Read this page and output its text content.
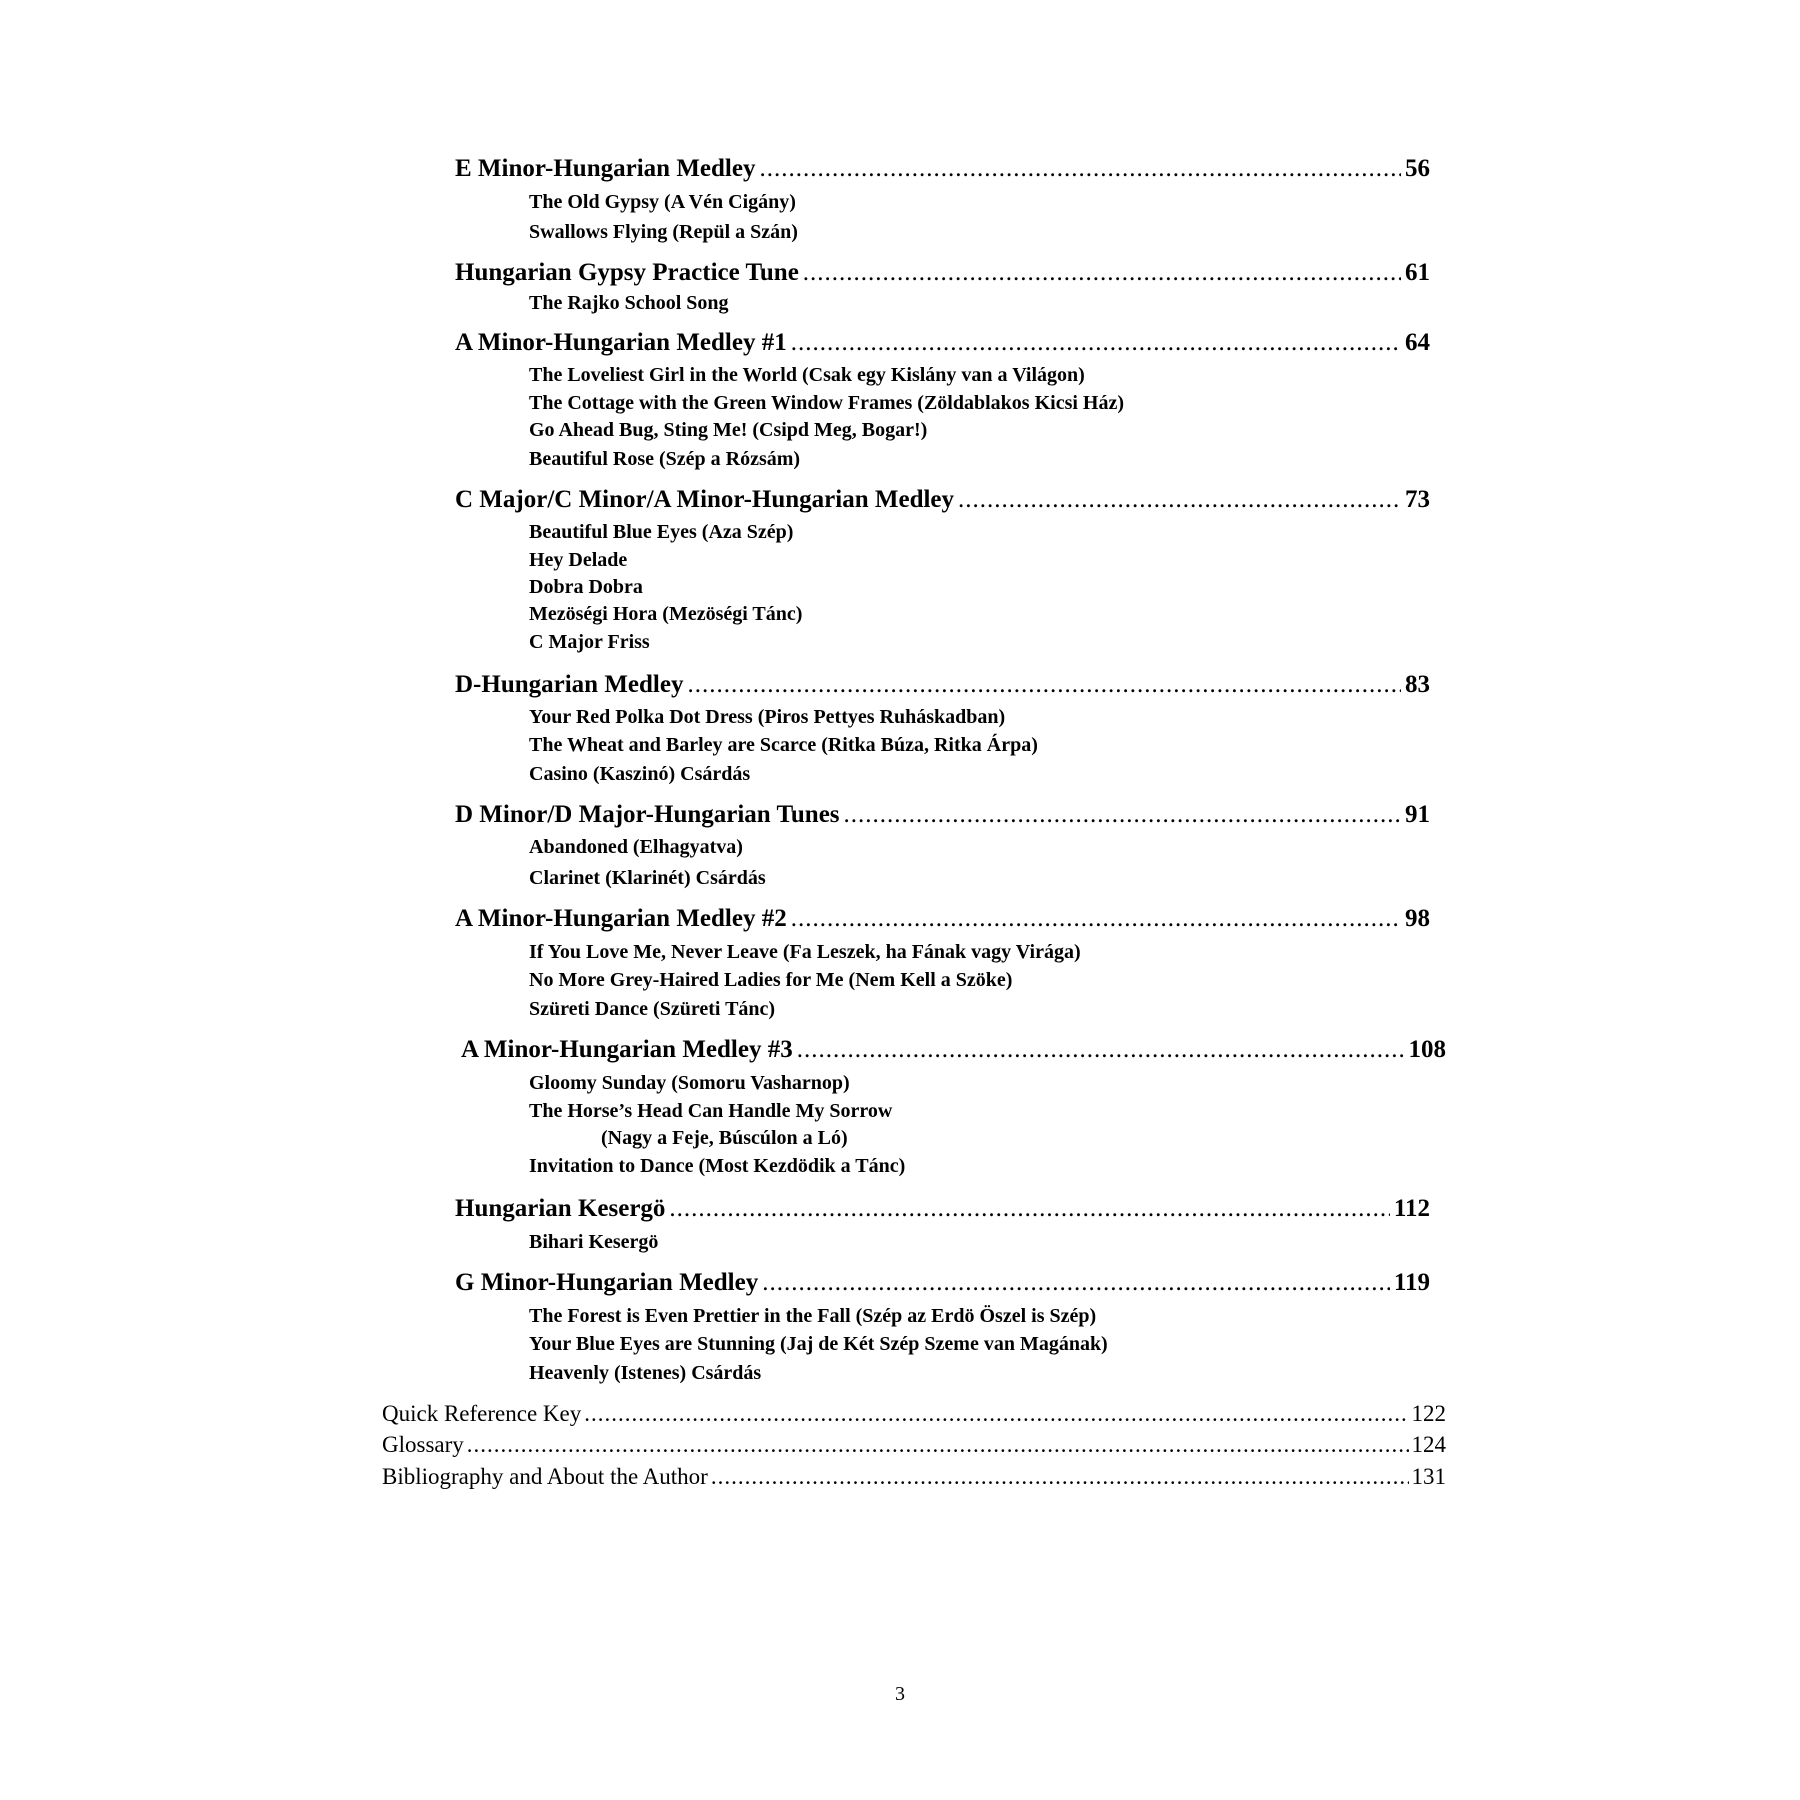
E Minor-Hungarian Medley .....	56
The Old Gypsy (A Vén Cigány)
Swallows Flying (Repül a Szán)
Hungarian Gypsy Practice Tune .....	61
The Rajko School Song
A Minor-Hungarian Medley #1 .....	64
The Loveliest Girl in the World (Csak egy Kislány van a Világon)
The Cottage with the Green Window Frames (Zöldablakos Kicsi Ház)
Go Ahead Bug, Sting Me! (Csipd Meg, Bogar!)
Beautiful Rose (Szép a Rózsám)
C Major/C Minor/A Minor-Hungarian Medley .....	73
Beautiful Blue Eyes (Aza Szép)
Hey Delade
Dobra Dobra
Mezöségi Hora (Mezöségi Tánc)
C Major Friss
D-Hungarian Medley .....	83
Your Red Polka Dot Dress (Piros Pettyes Ruháskadban)
The Wheat and Barley are Scarce (Ritka Búza, Ritka Árpa)
Casino (Kaszinó) Csárdás
D Minor/D Major-Hungarian Tunes .....	91
Abandoned (Elhagyatva)
Clarinet (Klarinét) Csárdás
A Minor-Hungarian Medley #2 .....	98
If You Love Me, Never Leave (Fa Leszek, ha Fának vagy Virága)
No More Grey-Haired Ladies for Me (Nem Kell a Szöke)
Szüreti Dance (Szüreti Tánc)
A Minor-Hungarian Medley #3 .....	108
Gloomy Sunday (Somoru Vasharnop)
The Horse’s Head Can Handle My Sorrow
(Nagy a Feje, Búscúlon a Ló)
Invitation to Dance (Most Kezdödik a Tánc)
Hungarian Kesergö .....	112
Bihari Kesergö
G Minor-Hungarian Medley .....	119
The Forest is Even Prettier in the Fall (Szép az Erdö Öszel is Szép)
Your Blue Eyes are Stunning (Jaj de Két Szép Szeme van Magának)
Heavenly (Istenes) Csárdás
Quick Reference Key .....	122
Glossary .....	124
Bibliography and About the Author .....	131
3
